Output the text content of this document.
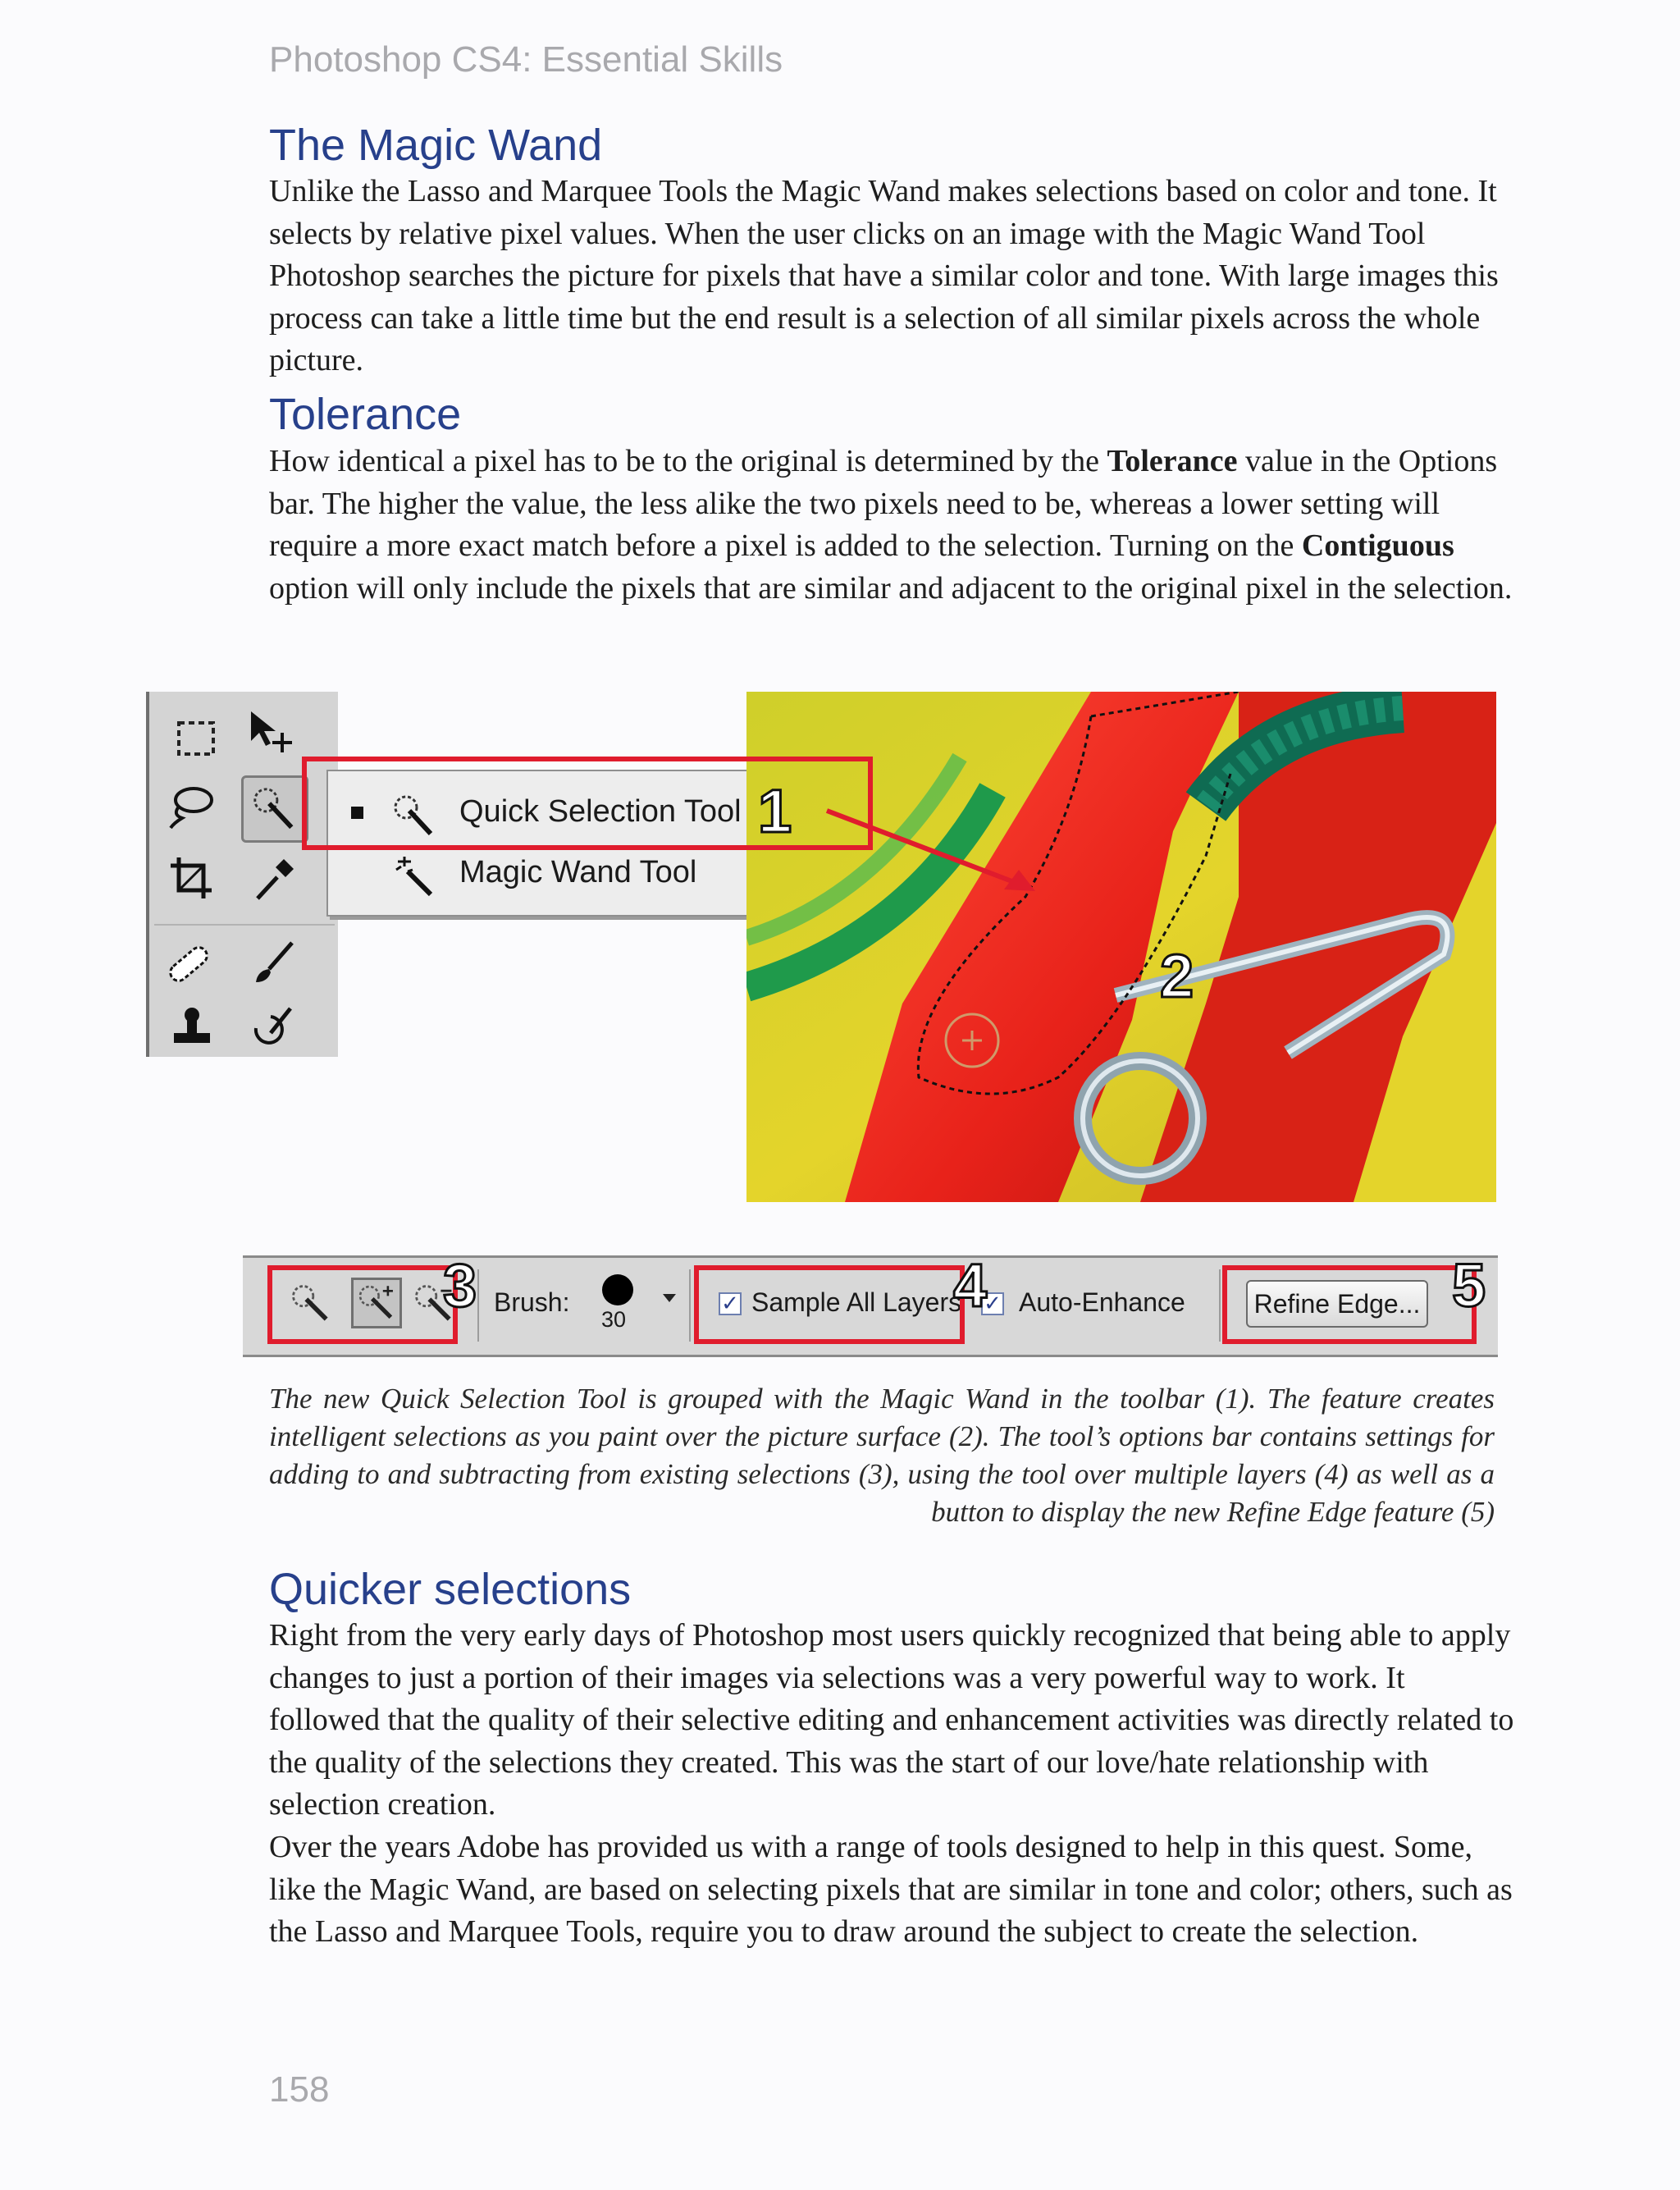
Photoshop CS4: Essential Skills
The Magic Wand

Unlike the Lasso and Marquee Tools the Magic Wand makes selections based on color and tone. It selects by relative pixel values. When the user clicks on an image with the Magic Wand Tool Photoshop searches the picture for pixels that have a similar color and tone. With large images this process can take a little time but the end result is a selection of all similar pixels across the whole picture.

Tolerance

How identical a pixel has to be to the original is determined by the Tolerance value in the Options bar. The higher the value, the less alike the two pixels need to be, whereas a lower setting will require a more exact match before a pixel is added to the selection. Turning on the Contiguous option will only include the pixels that are similar and adjacent to the original pixel in the selection.

Quick Selection Tool
Magic Wand Tool
1
2
Brush:
30
✓ Sample All Layers ✓ Auto-Enhance	Refine Edge...
3	4	5

The new Quick Selection Tool is grouped with the Magic Wand in the toolbar (1). The feature creates intelligent selections as you paint over the picture surface (2). The tool’s options bar contains settings for adding to and subtracting from existing selections (3), using the tool over multiple layers (4) as well as a button to display the new Refine Edge feature (5)

Quicker selections

Right from the very early days of Photoshop most users quickly recognized that being able to apply changes to just a portion of their images via selections was a very powerful way to work. It followed that the quality of their selective editing and enhancement activities was directly related to the quality of the selections they created. This was the start of our love/hate relationship with selection creation.

Over the years Adobe has provided us with a range of tools designed to help in this quest. Some, like the Magic Wand, are based on selecting pixels that are similar in tone and color; others, such as the Lasso and Marquee Tools, require you to draw around the subject to create the selection.

158
